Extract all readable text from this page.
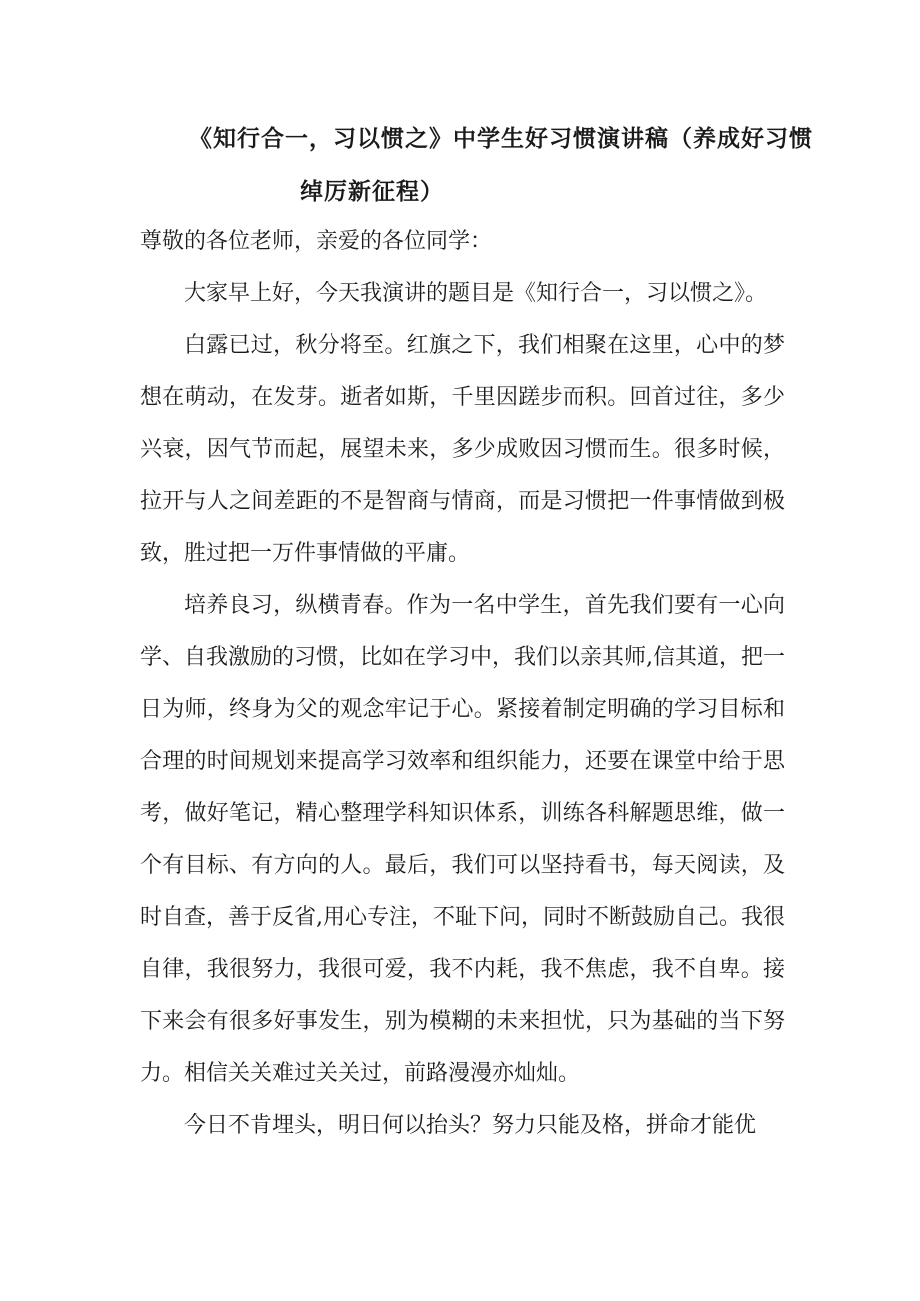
《知行合一，习以惯之》中学生好习惯演讲稿（养成好习惯
绰厉新征程）

尊敬的各位老师，亲爱的各位同学：

大家早上好，今天我演讲的题目是《知行合一，习以惯之》。

白露已过，秋分将至。红旗之下，我们相聚在这里，心中的梦想在萌动，在发芽。逝者如斯，千里因蹉步而积。回首过往，多少兴衰，因气节而起，展望未来，多少成败因习惯而生。很多时候，拉开与人之间差距的不是智商与情商，而是习惯把一件事情做到极致，胜过把一万件事情做的平庸。

培养良习，纵横青春。作为一名中学生，首先我们要有一心向学、自我激励的习惯，比如在学习中，我们以亲其师,信其道，把一日为师，终身为父的观念牢记于心。紧接着制定明确的学习目标和合理的时间规划来提高学习效率和组织能力，还要在课堂中给于思考，做好笔记，精心整理学科知识体系，训练各科解题思维，做一个有目标、有方向的人。最后，我们可以坚持看书，每天阅读，及时自查，善于反省,用心专注，不耻下问，同时不断鼓励自己。我很自律，我很努力，我很可爱，我不内耗，我不焦虑，我不自卑。接下来会有很多好事发生，别为模糊的未来担忧，只为基础的当下努力。相信关关难过关关过，前路漫漫亦灿灿。

今日不肯埋头，明日何以抬头？努力只能及格，拼命才能优
